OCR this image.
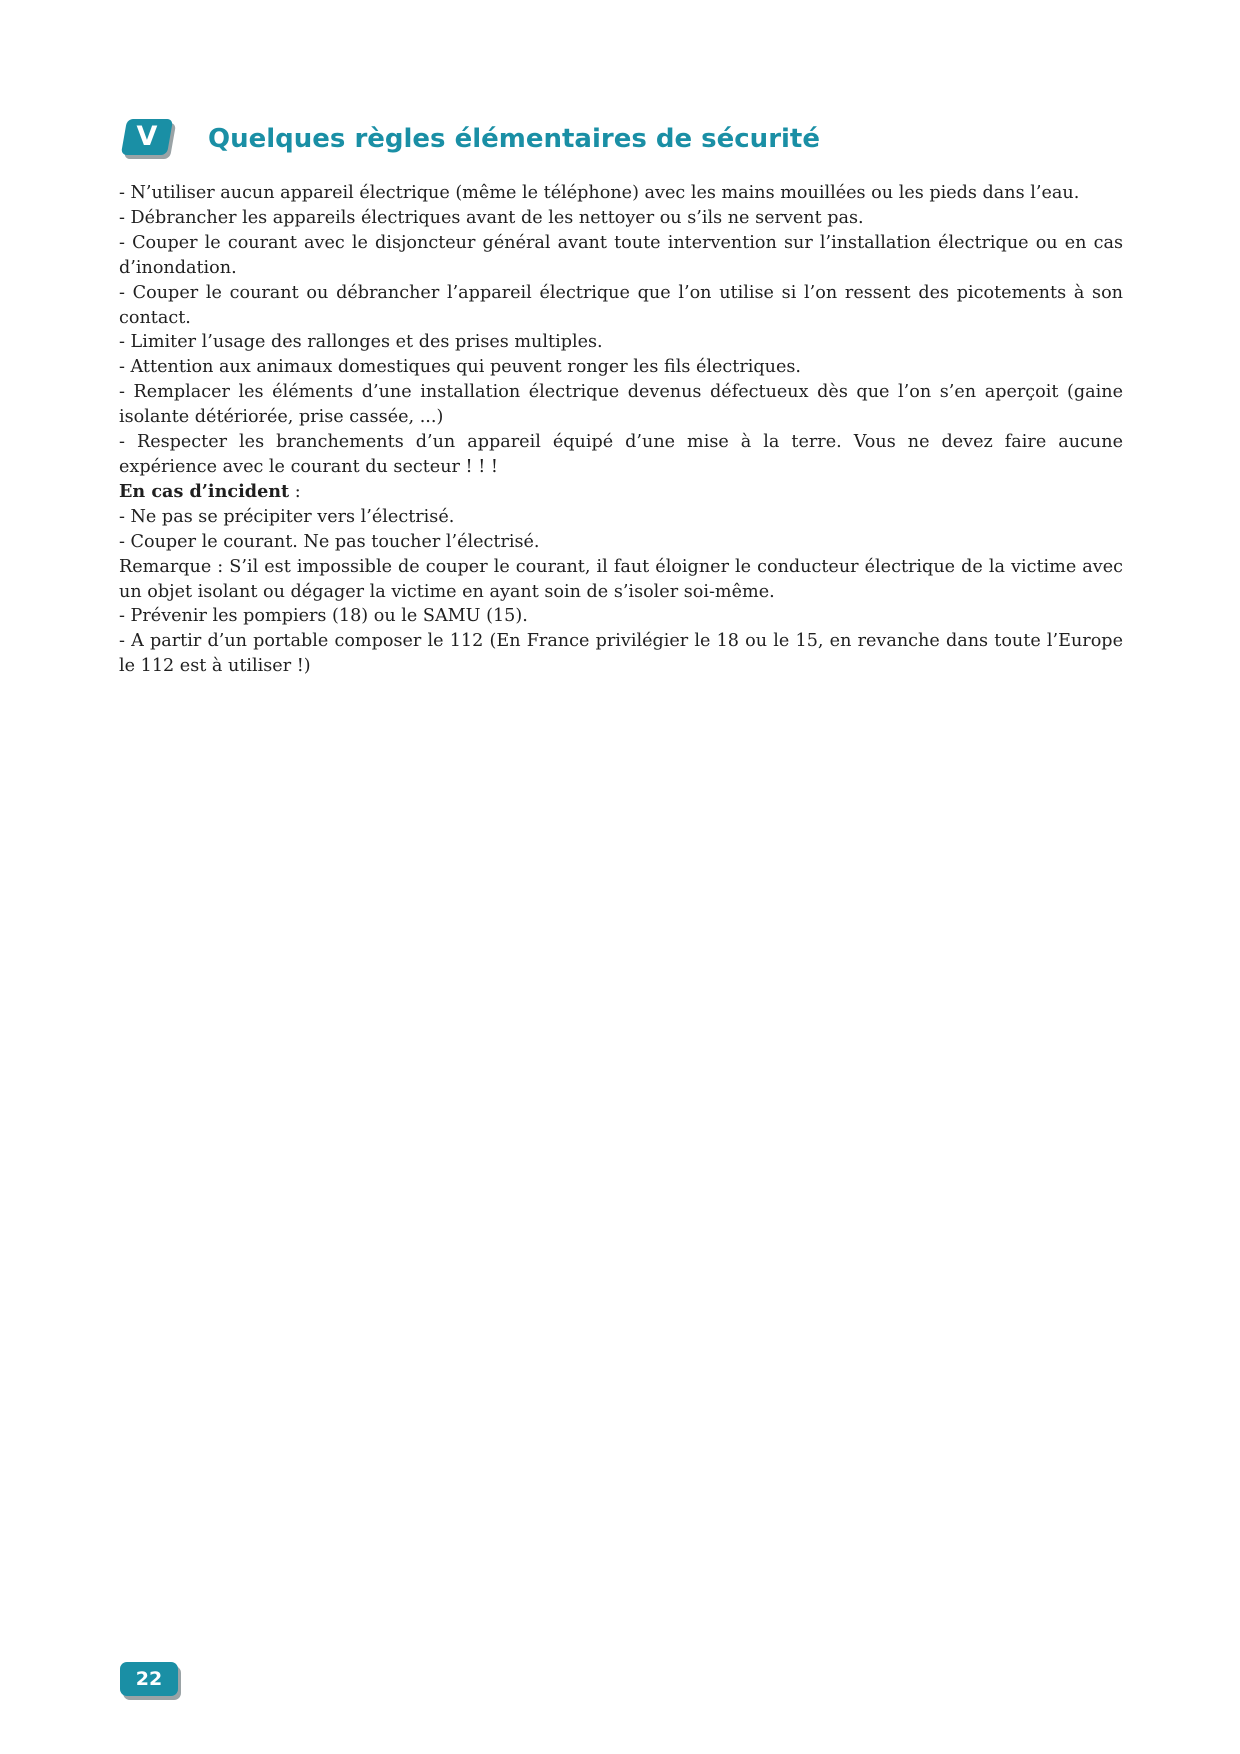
V	Quelques règles élémentaires de sécurité

- N’utiliser aucun appareil électrique (même le téléphone) avec les mains mouillées ou les pieds dans l’eau.

- Débrancher les appareils électriques avant de les nettoyer ou s’ils ne servent pas.

- Couper le courant avec le disjoncteur général avant toute intervention sur l’installation électrique ou en cas d’inondation.

- Couper le courant ou débrancher l’appareil électrique que l’on utilise si l’on ressent des picotements à son contact.

- Limiter l’usage des rallonges et des prises multiples.

- Attention aux animaux domestiques qui peuvent ronger les fils électriques.

- Remplacer les éléments d’une installation électrique devenus défectueux dès que l’on s’en aperçoit (gaine isolante détériorée, prise cassée, ...)

- Respecter les branchements d’un appareil équipé d’une mise à la terre. Vous ne devez faire aucune expérience avec le courant du secteur ! ! !

En cas d’incident :

- Ne pas se précipiter vers l’électrisé.

- Couper le courant. Ne pas toucher l’électrisé.

Remarque : S’il est impossible de couper le courant, il faut éloigner le conducteur électrique de la victime avec un objet isolant ou dégager la victime en ayant soin de s’isoler soi-même.

- Prévenir les pompiers (18) ou le SAMU (15).

- A partir d’un portable composer le 112 (En France privilégier le 18 ou le 15, en revanche dans toute l’Europe le 112 est à utiliser !)

22
